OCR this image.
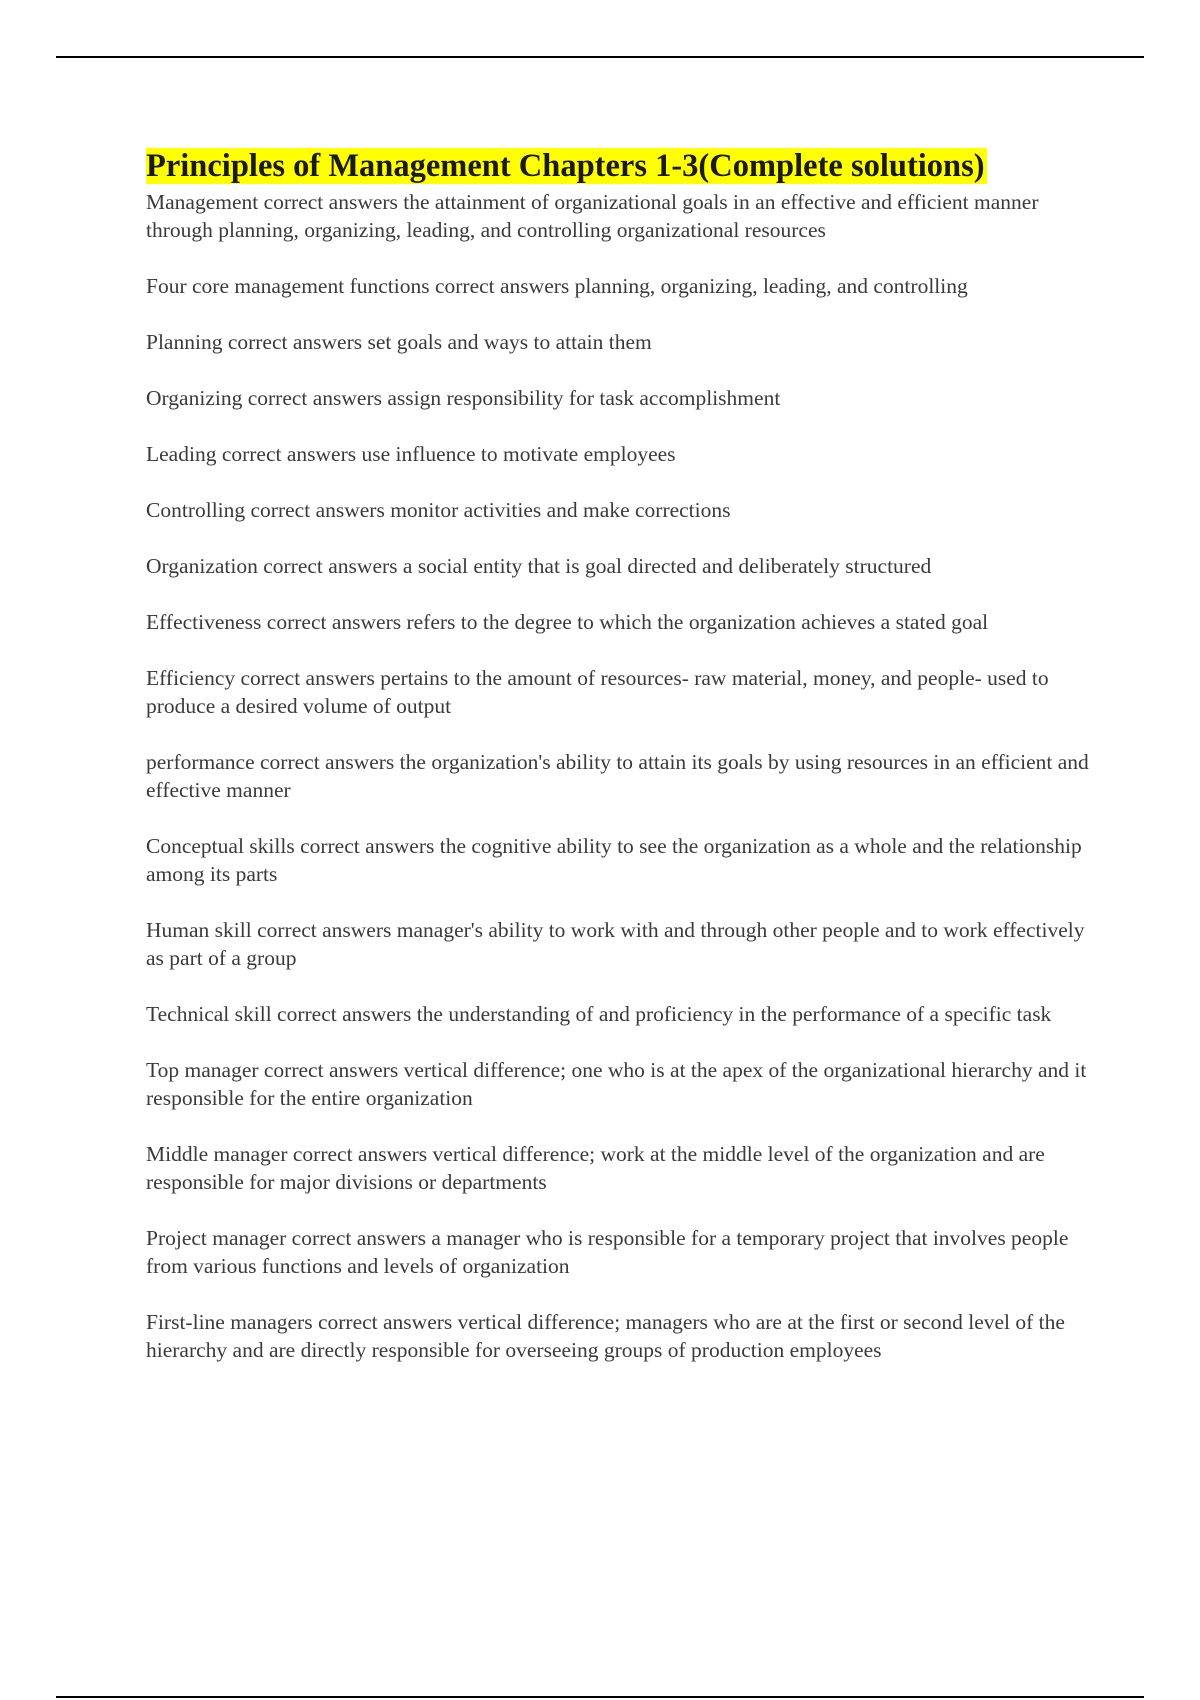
Principles of Management Chapters 1-3(Complete solutions)

Management correct answers the attainment of organizational goals in an effective and efficient manner through planning, organizing, leading, and controlling organizational resources

Four core management functions correct answers planning, organizing, leading, and controlling

Planning correct answers set goals and ways to attain them

Organizing correct answers assign responsibility for task accomplishment

Leading correct answers use influence to motivate employees

Controlling correct answers monitor activities and make corrections

Organization correct answers a social entity that is goal directed and deliberately structured

Effectiveness correct answers refers to the degree to which the organization achieves a stated goal

Efficiency correct answers pertains to the amount of resources- raw material, money, and people- used to produce a desired volume of output

performance correct answers the organization's ability to attain its goals by using resources in an efficient and effective manner

Conceptual skills correct answers the cognitive ability to see the organization as a whole and the relationship among its parts

Human skill correct answers manager's ability to work with and through other people and to work effectively as part of a group

Technical skill correct answers the understanding of and proficiency in the performance of a specific task

Top manager correct answers vertical difference; one who is at the apex of the organizational hierarchy and it responsible for the entire organization

Middle manager correct answers vertical difference; work at the middle level of the organization and are responsible for major divisions or departments

Project manager correct answers a manager who is responsible for a temporary project that involves people from various functions and levels of organization

First-line managers correct answers vertical difference; managers who are at the first or second level of the hierarchy and are directly responsible for overseeing groups of production employees
